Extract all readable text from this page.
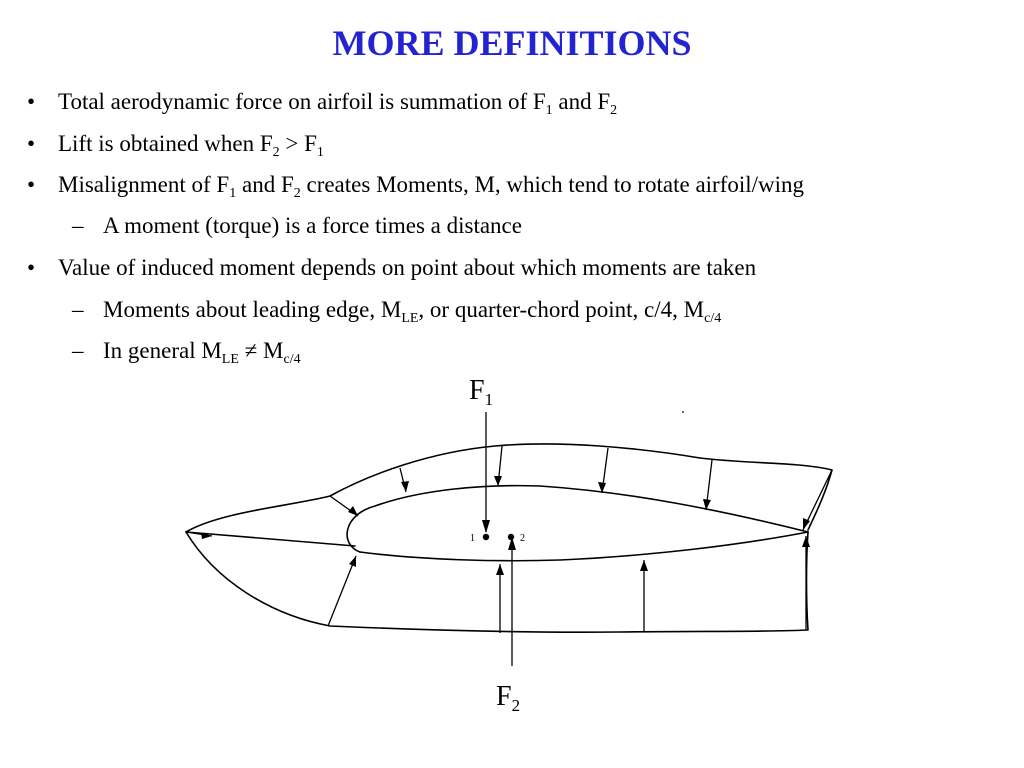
MORE DEFINITIONS
• Total aerodynamic force on airfoil is summation of $F_1$ and $F_2$
• Lift is obtained when $F_2 > F_1$
• Misalignment of $F_1$ and $F_2$ creates Moments, M, which tend to rotate airfoil/wing
– A moment (torque) is a force times a distance
• Value of induced moment depends on point about which moments are taken
– Moments about leading edge, $M_{LE}$, or quarter-chord point, c/4, $M_{c/4}$
– In general $M_{LE} \ne M_{c/4}$
1	2
$F_1$
$F_2$
